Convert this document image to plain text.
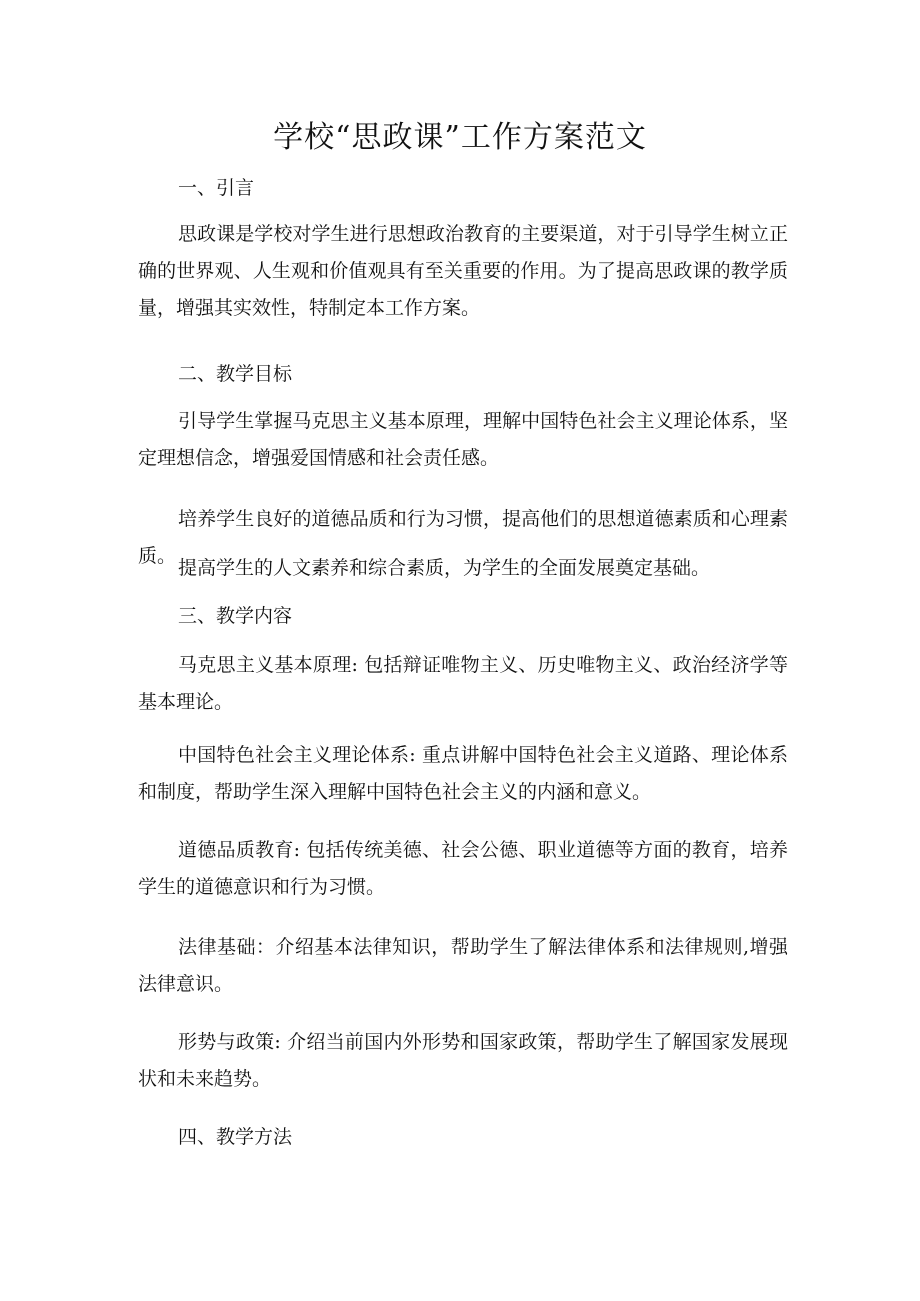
学校“思政课”工作方案范文

一、引言

思政课是学校对学生进行思想政治教育的主要渠道，对于引导学生树立正确的世界观、人生观和价值观具有至关重要的作用。为了提高思政课的教学质量，增强其实效性，特制定本工作方案。

二、教学目标

引导学生掌握马克思主义基本原理，理解中国特色社会主义理论体系，坚定理想信念，增强爱国情感和社会责任感。

培养学生良好的道德品质和行为习惯，提高他们的思想道德素质和心理素质。

提高学生的人文素养和综合素质，为学生的全面发展奠定基础。

三、教学内容

马克思主义基本原理: 包括辩证唯物主义、历史唯物主义、政治经济学等基本理论。

中国特色社会主义理论体系: 重点讲解中国特色社会主义道路、理论体系和制度，帮助学生深入理解中国特色社会主义的内涵和意义。

道德品质教育: 包括传统美德、社会公德、职业道德等方面的教育，培养学生的道德意识和行为习惯。

法律基础：介绍基本法律知识，帮助学生了解法律体系和法律规则,增强法律意识。

形势与政策: 介绍当前国内外形势和国家政策，帮助学生了解国家发展现状和未来趋势。

四、教学方法
